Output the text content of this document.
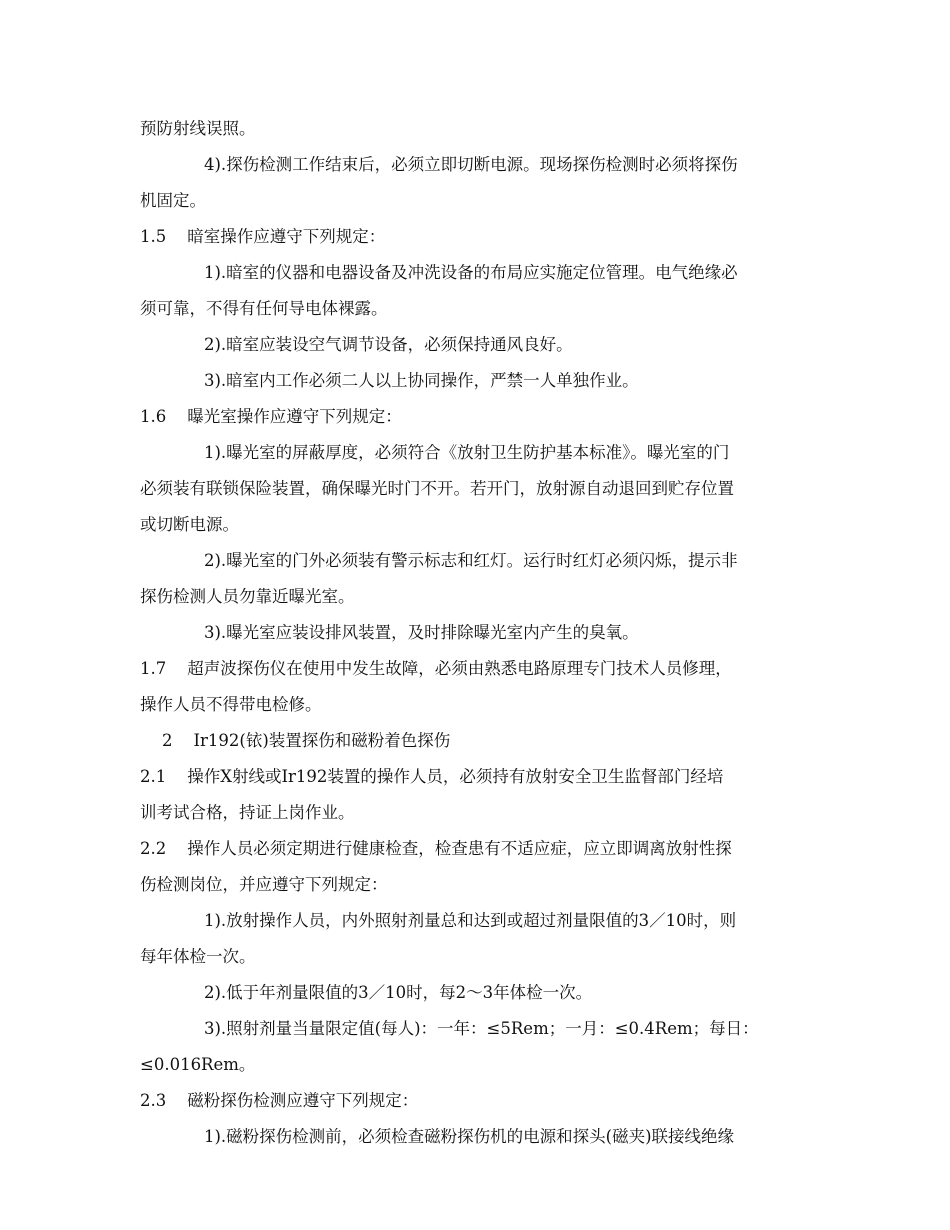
预防射线误照。
4).探伤检测工作结束后，必须立即切断电源。现场探伤检测时必须将探伤
机固定。
1.5    暗室操作应遵守下列规定：
1).暗室的仪器和电器设备及冲洗设备的布局应实施定位管理。电气绝缘必
须可靠，不得有任何导电体裸露。
2).暗室应装设空气调节设备，必须保持通风良好。
3).暗室内工作必须二人以上协同操作，严禁一人单独作业。
1.6    曝光室操作应遵守下列规定：
1).曝光室的屏蔽厚度，必须符合《放射卫生防护基本标准》。曝光室的门
必须装有联锁保险装置，确保曝光时门不开。若开门，放射源自动退回到贮存位置
或切断电源。
2).曝光室的门外必须装有警示标志和红灯。运行时红灯必须闪烁，提示非
探伤检测人员勿靠近曝光室。
3).曝光室应装设排风装置，及时排除曝光室内产生的臭氧。
1.7    超声波探伤仪在使用中发生故障，必须由熟悉电路原理专门技术人员修理，
操作人员不得带电检修。
2    Ir192(铱)装置探伤和磁粉着色探伤
2.1    操作X射线或Ir192装置的操作人员，必须持有放射安全卫生监督部门经培
训考试合格，持证上岗作业。
2.2    操作人员必须定期进行健康检查，检查患有不适应症，应立即调离放射性探
伤检测岗位，并应遵守下列规定：
1).放射操作人员，内外照射剂量总和达到或超过剂量限值的3／10时，则
每年体检一次。
2).低于年剂量限值的3／10时，每2～3年体检一次。
3).照射剂量当量限定值(每人)：一年：≤5Rem；一月：≤0.4Rem；每日：
≤0.016Rem。
2.3    磁粉探伤检测应遵守下列规定：
1).磁粉探伤检测前，必须检查磁粉探伤机的电源和探头(磁夹)联接线绝缘
